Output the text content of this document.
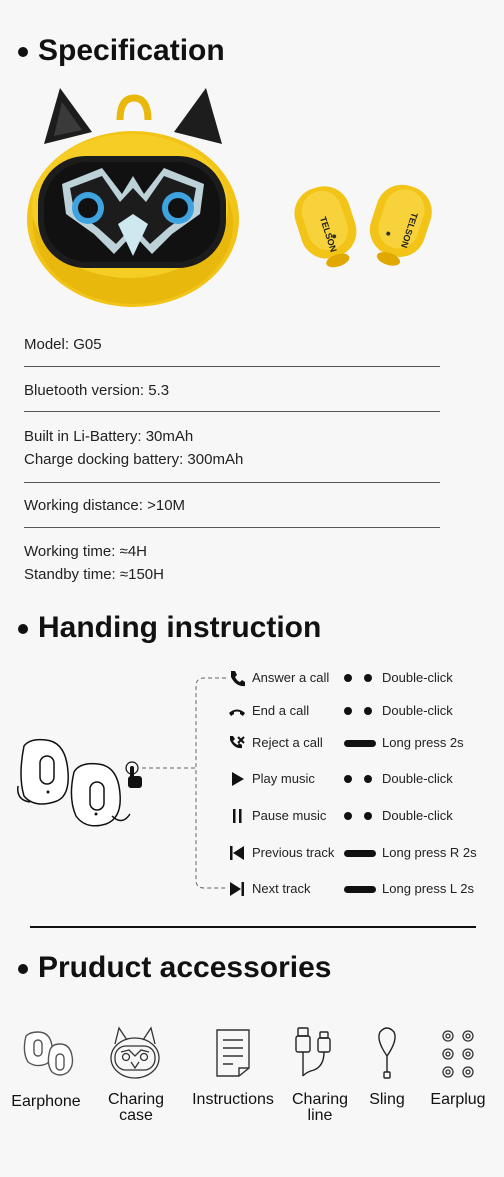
Specification
TELSON	TELSON
Model: G05
Bluetooth version: 5.3
Built in Li-Battery: 30mAh
Charge docking battery: 300mAh
Working distance: >10M
Working time: ≈4H
Standby time: ≈150H
Handing instruction
Answer a call	Double-click
End a call	Double-click
Reject a call	Long press 2s
Play music	Double-click
Pause music	Double-click
Previous track	Long press R 2s
Next track	Long press L 2s
Pruduct accessories
Earphone	Charing
case
Instructions	Charing
line
Sling	Earplug
